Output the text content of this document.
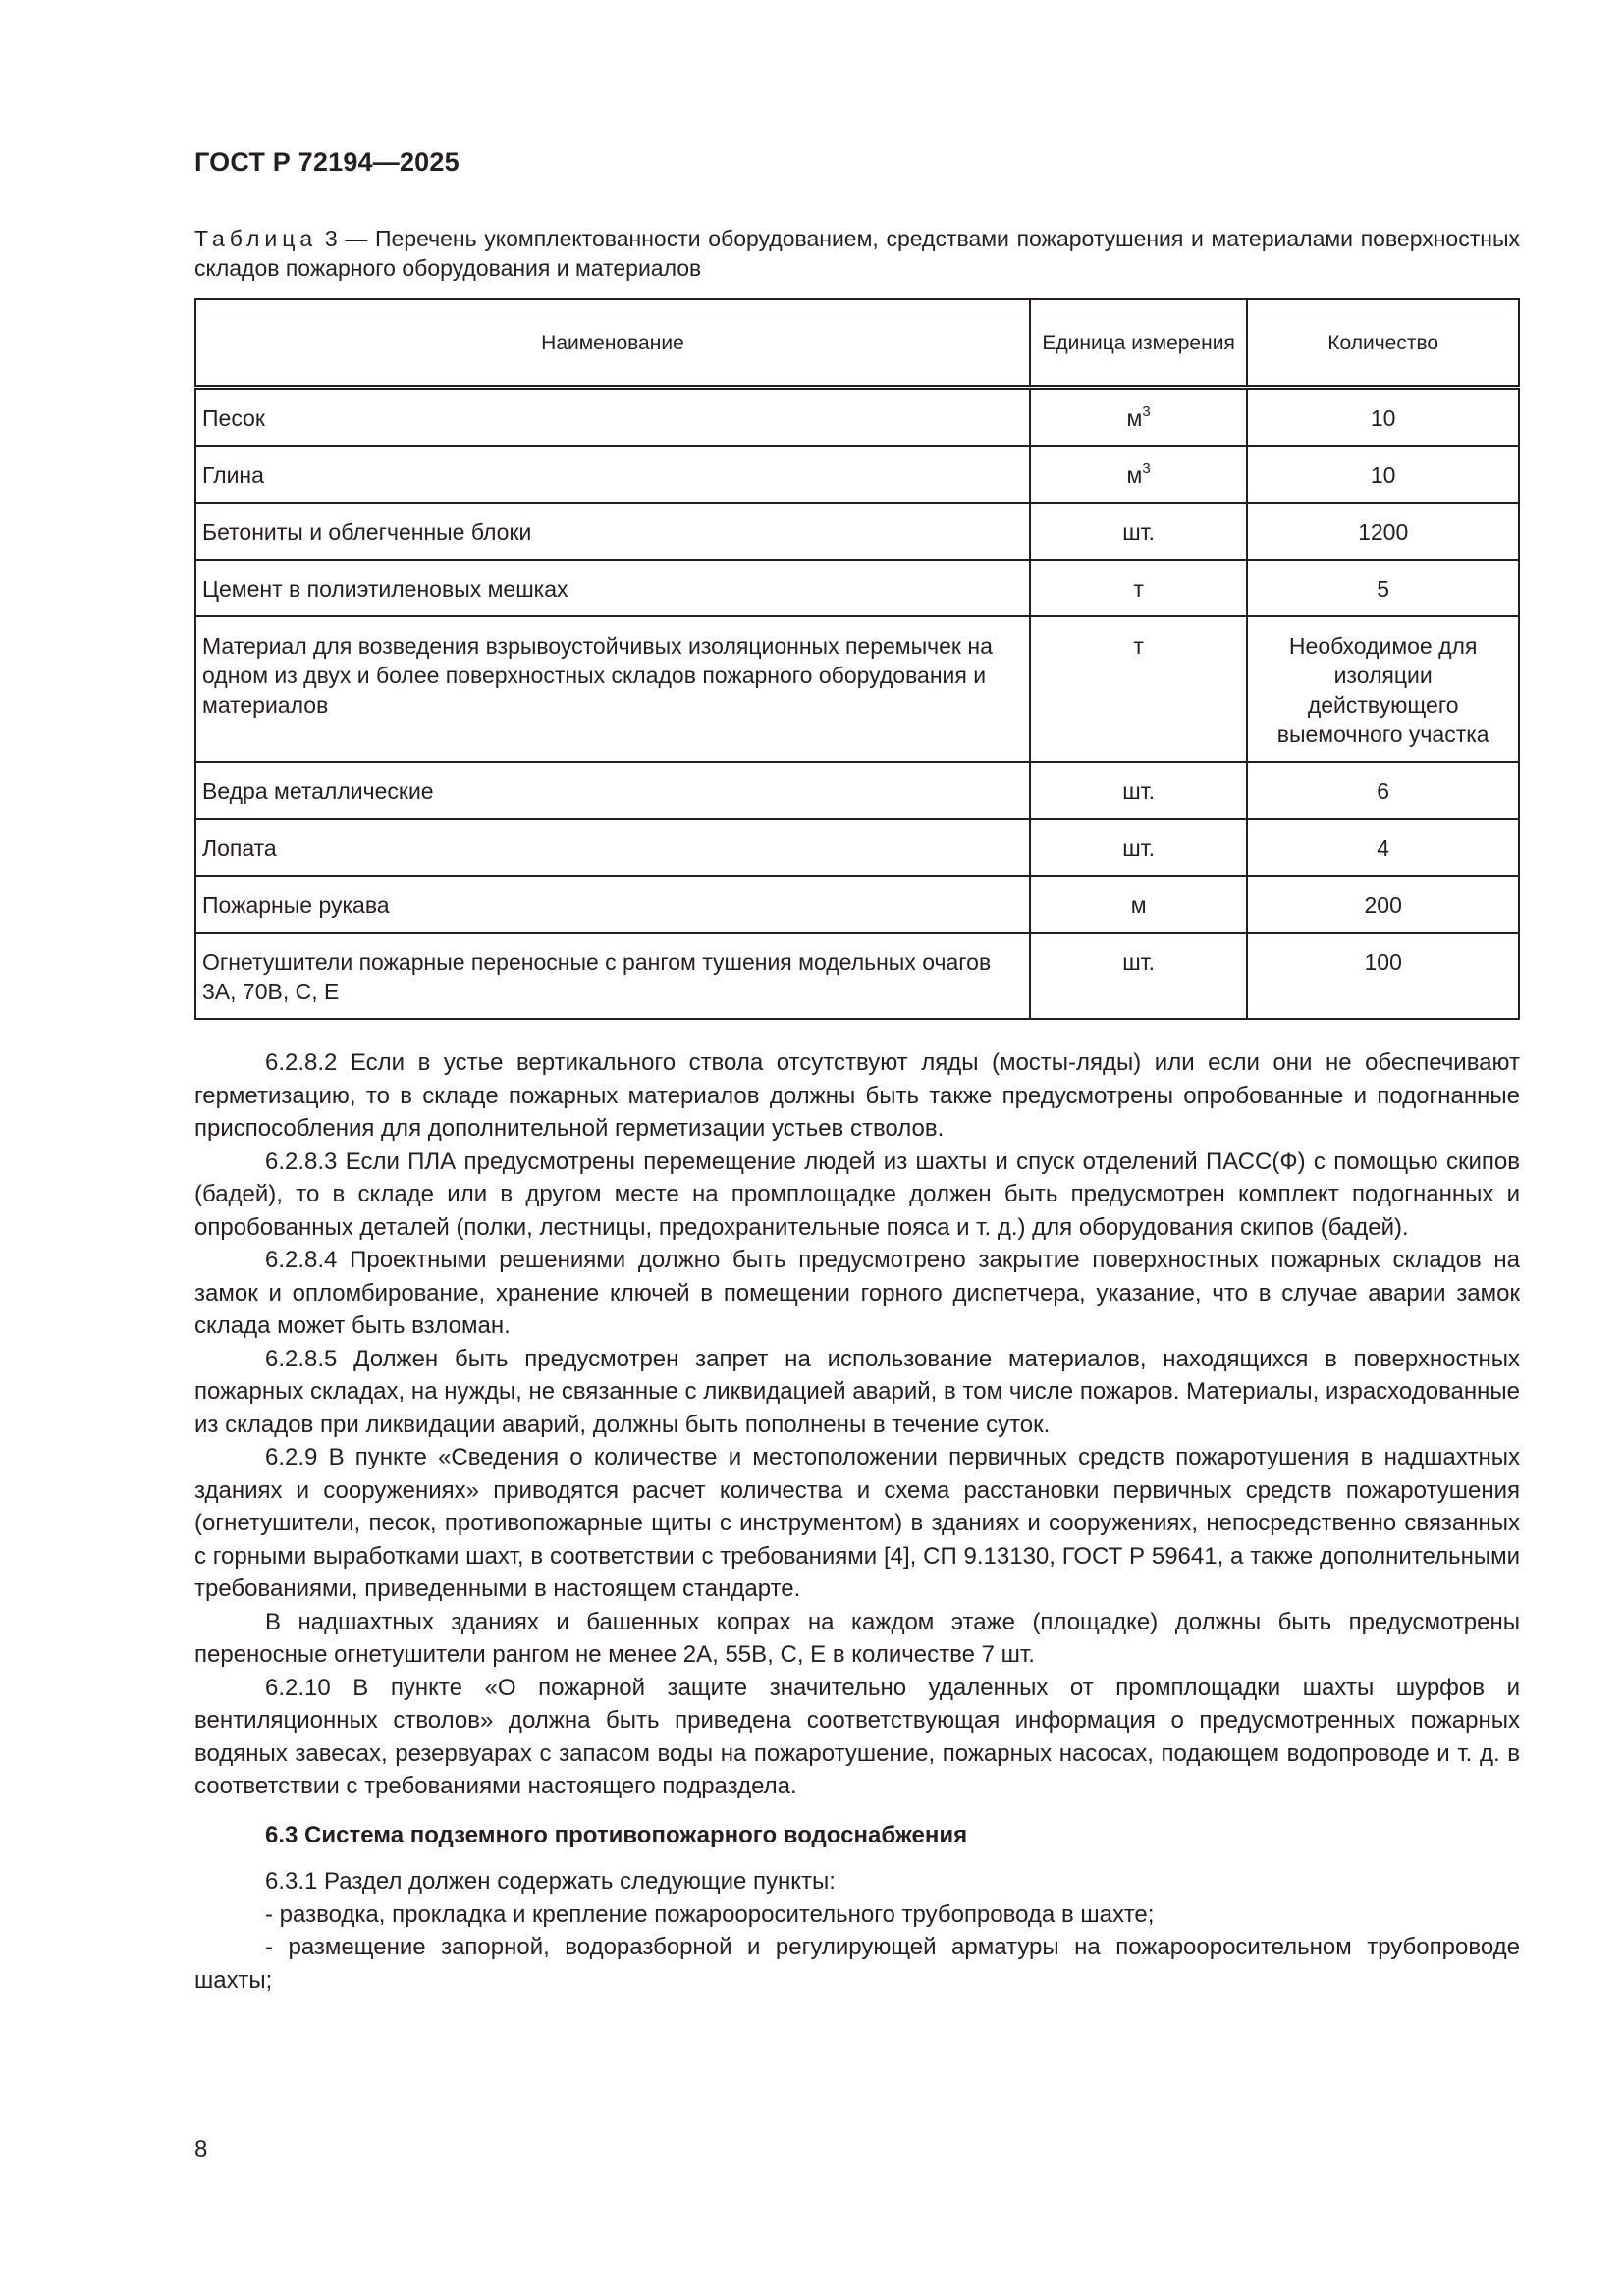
ГОСТ Р 72194—2025
Таблица 3 — Перечень укомплектованности оборудованием, средствами пожаротушения и материалами поверхностных складов пожарного оборудования и материалов
Наименование	Единица измерения	Количество
Песок	$м^3$	10
Глина	$м^3$	10
Бетониты и облегченные блоки	шт.	1200
Цемент в полиэтиленовых мешках	т	5
Материал для возведения взрывоустойчивых изоляционных перемычек на одном из двух и более поверхностных складов пожарного оборудования и материалов	т	Необходимое для изоляции действующего выемочного участка
Ведра металлические	шт.	6
Лопата	шт.	4
Пожарные рукава	м	200
Огнетушители пожарные переносные с рангом тушения модельных очагов 3А, 70В, С, Е	шт.	100

6.2.8.2 Если в устье вертикального ствола отсутствуют ляды (мосты-ляды) или если они не обеспечивают герметизацию, то в складе пожарных материалов должны быть также предусмотрены опробованные и подогнанные приспособления для дополнительной герметизации устьев стволов.

6.2.8.3 Если ПЛА предусмотрены перемещение людей из шахты и спуск отделений ПАСС(Ф) с помощью скипов (бадей), то в складе или в другом месте на промплощадке должен быть предусмотрен комплект подогнанных и опробованных деталей (полки, лестницы, предохранительные пояса и т. д.) для оборудования скипов (бадей).

6.2.8.4 Проектными решениями должно быть предусмотрено закрытие поверхностных пожарных складов на замок и опломбирование, хранение ключей в помещении горного диспетчера, указание, что в случае аварии замок склада может быть взломан.

6.2.8.5 Должен быть предусмотрен запрет на использование материалов, находящихся в поверхностных пожарных складах, на нужды, не связанные с ликвидацией аварий, в том числе пожаров. Материалы, израсходованные из складов при ликвидации аварий, должны быть пополнены в течение суток.

6.2.9 В пункте «Сведения о количестве и местоположении первичных средств пожаротушения в надшахтных зданиях и сооружениях» приводятся расчет количества и схема расстановки первичных средств пожаротушения (огнетушители, песок, противопожарные щиты с инструментом) в зданиях и сооружениях, непосредственно связанных с горными выработками шахт, в соответствии с требованиями [4], СП 9.13130, ГОСТ Р 59641, а также дополнительными требованиями, приведенными в настоящем стандарте.

В надшахтных зданиях и башенных копрах на каждом этаже (площадке) должны быть предусмотрены переносные огнетушители рангом не менее 2А, 55В, С, Е в количестве 7 шт.

6.2.10 В пункте «О пожарной защите значительно удаленных от промплощадки шахты шурфов и вентиляционных стволов» должна быть приведена соответствующая информация о предусмотренных пожарных водяных завесах, резервуарах с запасом воды на пожаротушение, пожарных насосах, подающем водопроводе и т. д. в соответствии с требованиями настоящего подраздела.

6.3 Система подземного противопожарного водоснабжения

6.3.1 Раздел должен содержать следующие пункты:

- разводка, прокладка и крепление пожарооросительного трубопровода в шахте;

- размещение запорной, водоразборной и регулирующей арматуры на пожарооросительном трубопроводе шахты;

8
